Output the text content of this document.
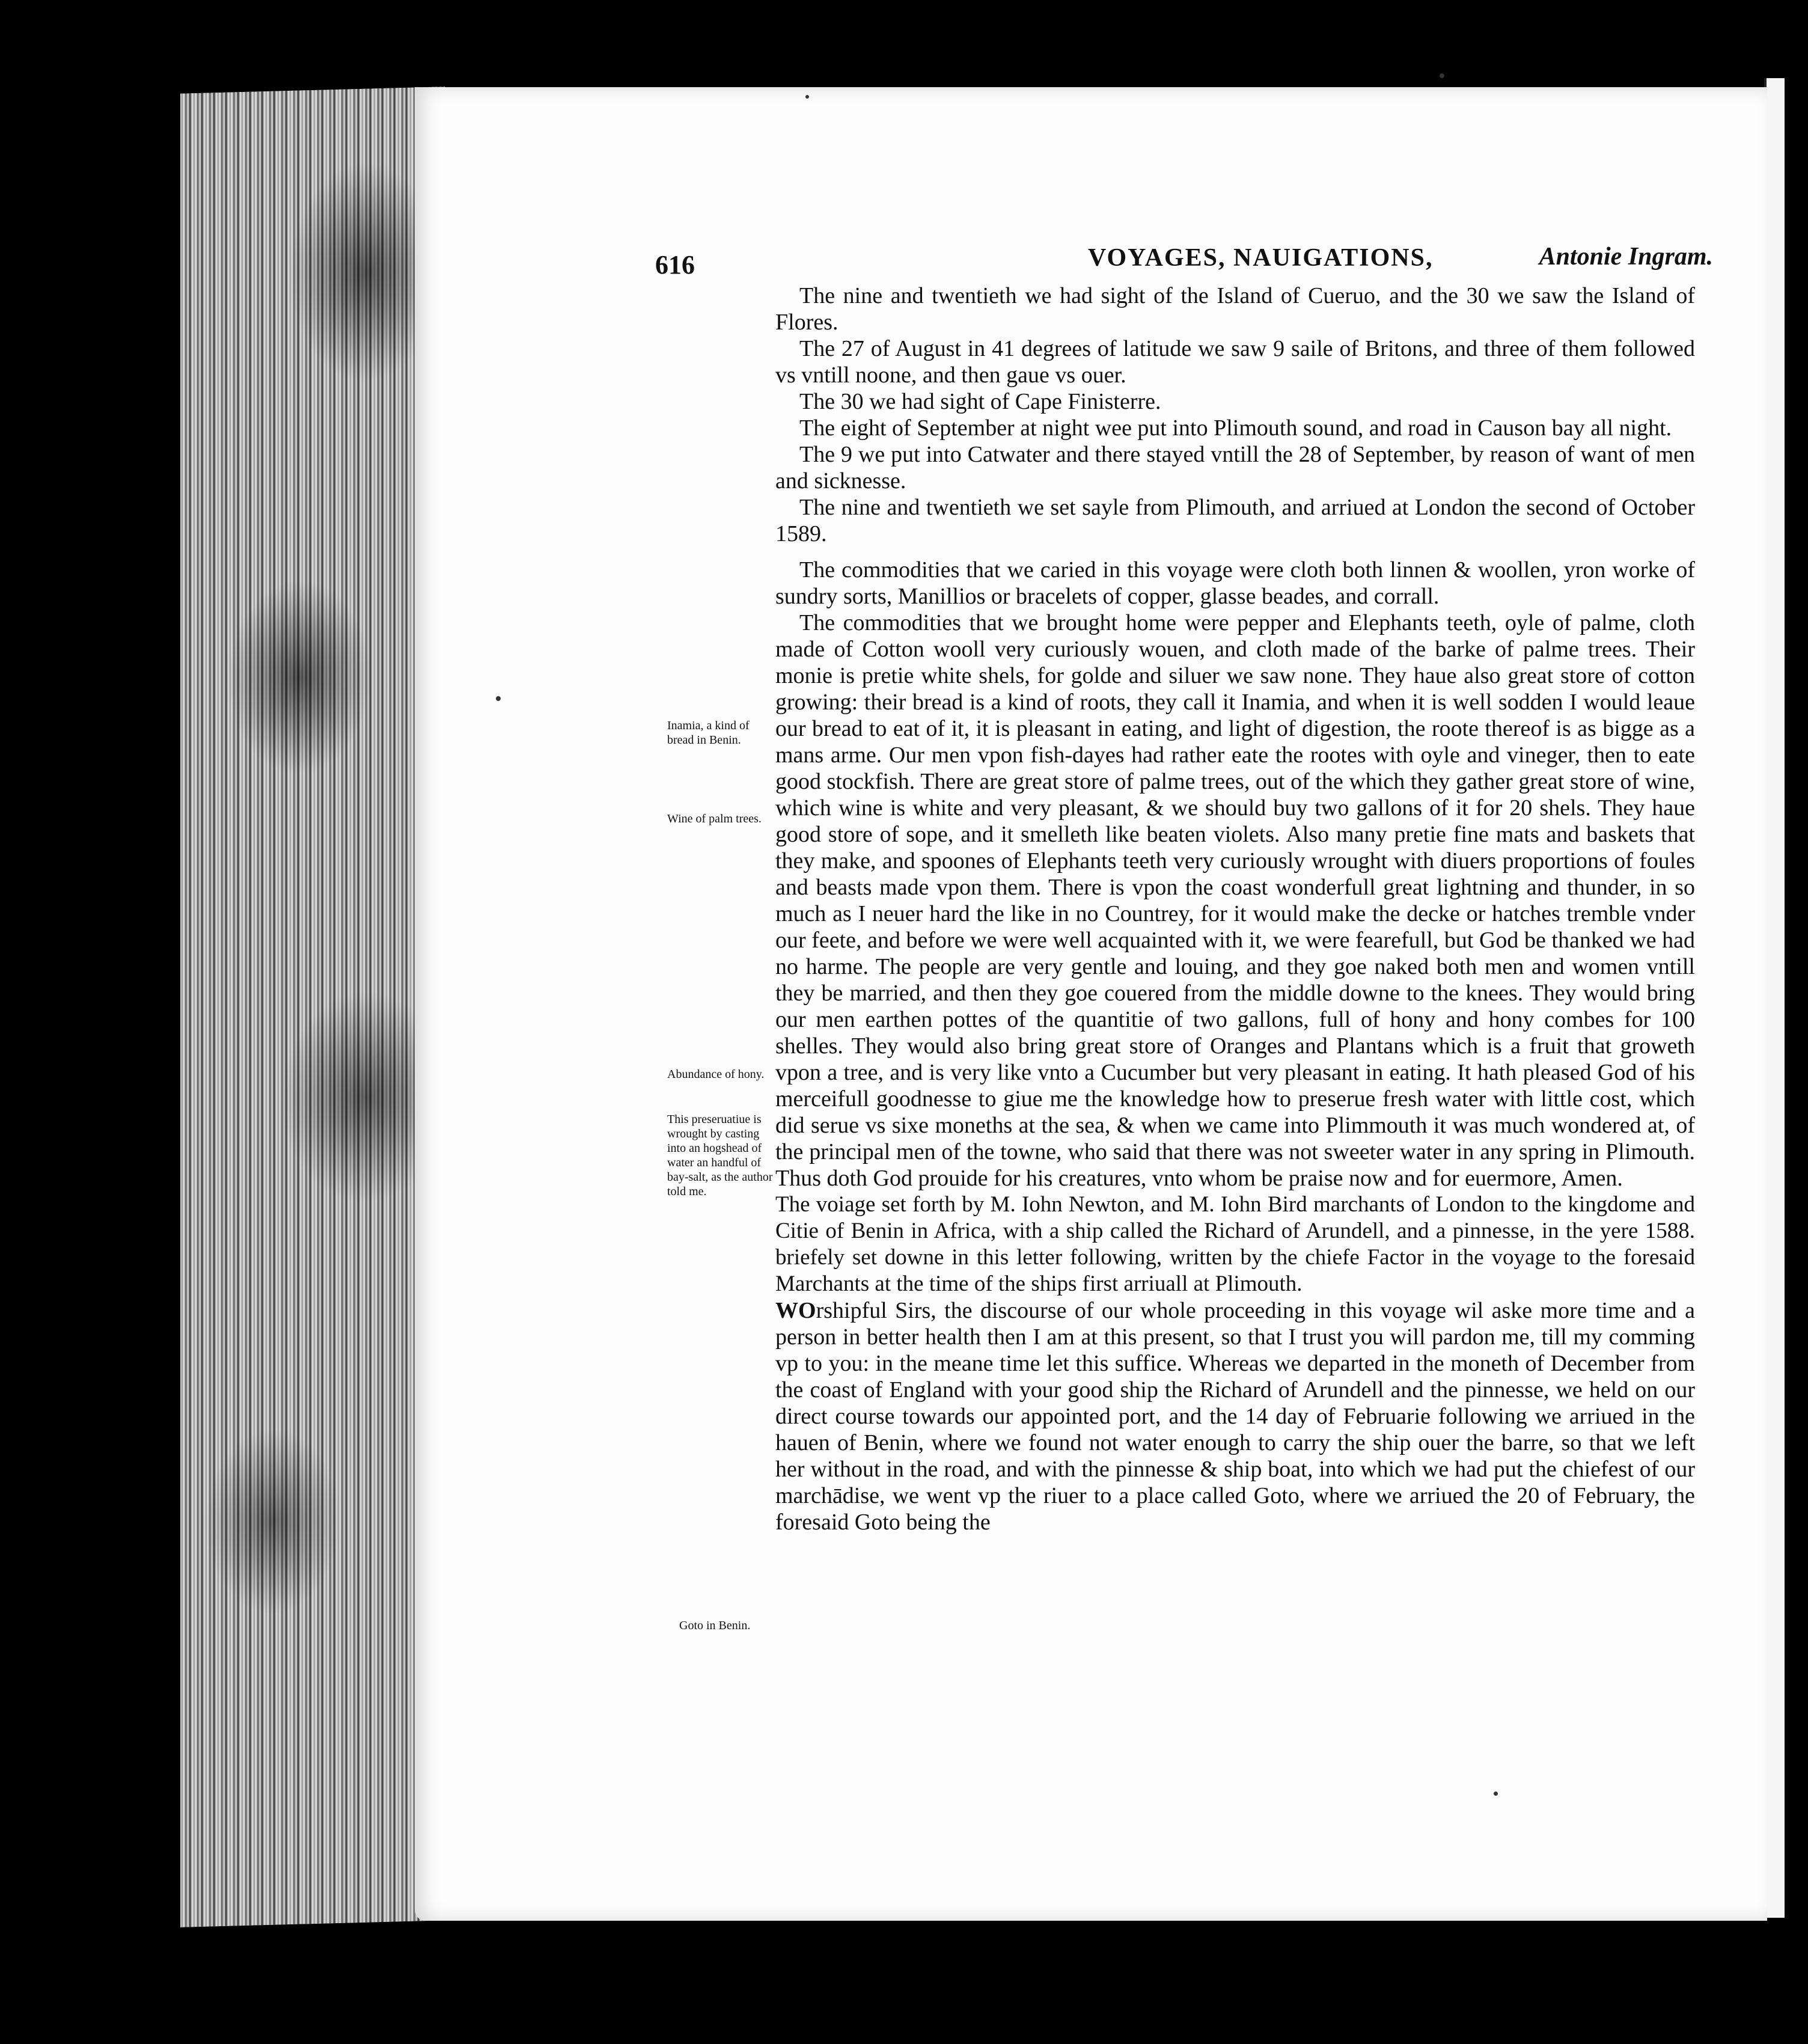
616	VOYAGES, NAUIGATIONS,	Antonie Ingram.

The nine and twentieth we had sight of the Island of Cueruo, and the 30 we saw the Island of Flores.

The 27 of August in 41 degrees of latitude we saw 9 saile of Britons, and three of them followed vs vntill noone, and then gaue vs ouer.

The 30 we had sight of Cape Finisterre.

The eight of September at night wee put into Plimouth sound, and road in Causon bay all night.

The 9 we put into Catwater and there stayed vntill the 28 of September, by reason of want of men and sicknesse.

The nine and twentieth we set sayle from Plimouth, and arriued at London the second of October 1589.

The commodities that we caried in this voyage were cloth both linnen & woollen, yron worke of sundry sorts, Manillios or bracelets of copper, glasse beades, and corrall.

The commodities that we brought home were pepper and Elephants teeth, oyle of palme, cloth made of Cotton wooll very curiously wouen, and cloth made of the barke of palme trees. Their monie is pretie white shels, for golde and siluer we saw none. They haue also great store of cotton growing: their bread is a kind of roots, they call it Inamia, and when it is well sodden I would leaue our bread to eat of it, it is pleasant in eating, and light of digestion, the roote thereof is as bigge as a mans arme. Our men vpon fish-dayes had rather eate the rootes with oyle and vineger, then to eate good stockfish. There are great store of palme trees, out of the which they gather great store of wine, which wine is white and very pleasant, & we should buy two gallons of it for 20 shels. They haue good store of sope, and it smelleth like beaten violets. Also many pretie fine mats and baskets that they make, and spoones of Elephants teeth very curiously wrought with diuers proportions of foules and beasts made vpon them. There is vpon the coast wonderfull great lightning and thunder, in so much as I neuer hard the like in no Countrey, for it would make the decke or hatches tremble vnder our feete, and before we were well acquainted with it, we were fearefull, but God be thanked we had no harme. The people are very gentle and louing, and they goe naked both men and women vntill they be married, and then they goe couered from the middle downe to the knees. They would bring our men earthen pottes of the quantitie of two gallons, full of hony and hony combes for 100 shelles. They would also bring great store of Oranges and Plantans which is a fruit that groweth vpon a tree, and is very like vnto a Cucumber but very pleasant in eating. It hath pleased God of his merceifull goodnesse to giue me the knowledge how to preserue fresh water with little cost, which did serue vs sixe moneths at the sea, & when we came into Plimmouth it was much wondered at, of the principal men of the towne, who said that there was not sweeter water in any spring in Plimouth. Thus doth God prouide for his creatures, vnto whom be praise now and for euermore, Amen.

The voiage set forth by M. Iohn Newton, and M. Iohn Bird marchants of London to the kingdome and Citie of Benin in Africa, with a ship called the Richard of Arundell, and a pinnesse, in the yere 1588. briefely set downe in this letter following, written by the chiefe Factor in the voyage to the foresaid Marchants at the time of the ships first arriuall at Plimouth.

WOrshipful Sirs, the discourse of our whole proceeding in this voyage wil aske more time and a person in better health then I am at this present, so that I trust you will pardon me, till my comming vp to you: in the meane time let this suffice. Whereas we departed in the moneth of December from the coast of England with your good ship the Richard of Arundell and the pinnesse, we held on our direct course towards our appointed port, and the 14 day of Februarie following we arriued in the hauen of Benin, where we found not water enough to carry the ship ouer the barre, so that we left her without in the road, and with the pinnesse & ship boat, into which we had put the chiefest of our marchādise, we went vp the riuer to a place called Goto, where we arriued the 20 of February, the foresaid Goto being the

Inamia, a kind of bread in Benin.
Wine of palm trees.
Abundance of hony.
This preseruatiue is wrought by casting into an hogshead of water an handful of bay-salt, as the author told me.
Goto in Benin.
